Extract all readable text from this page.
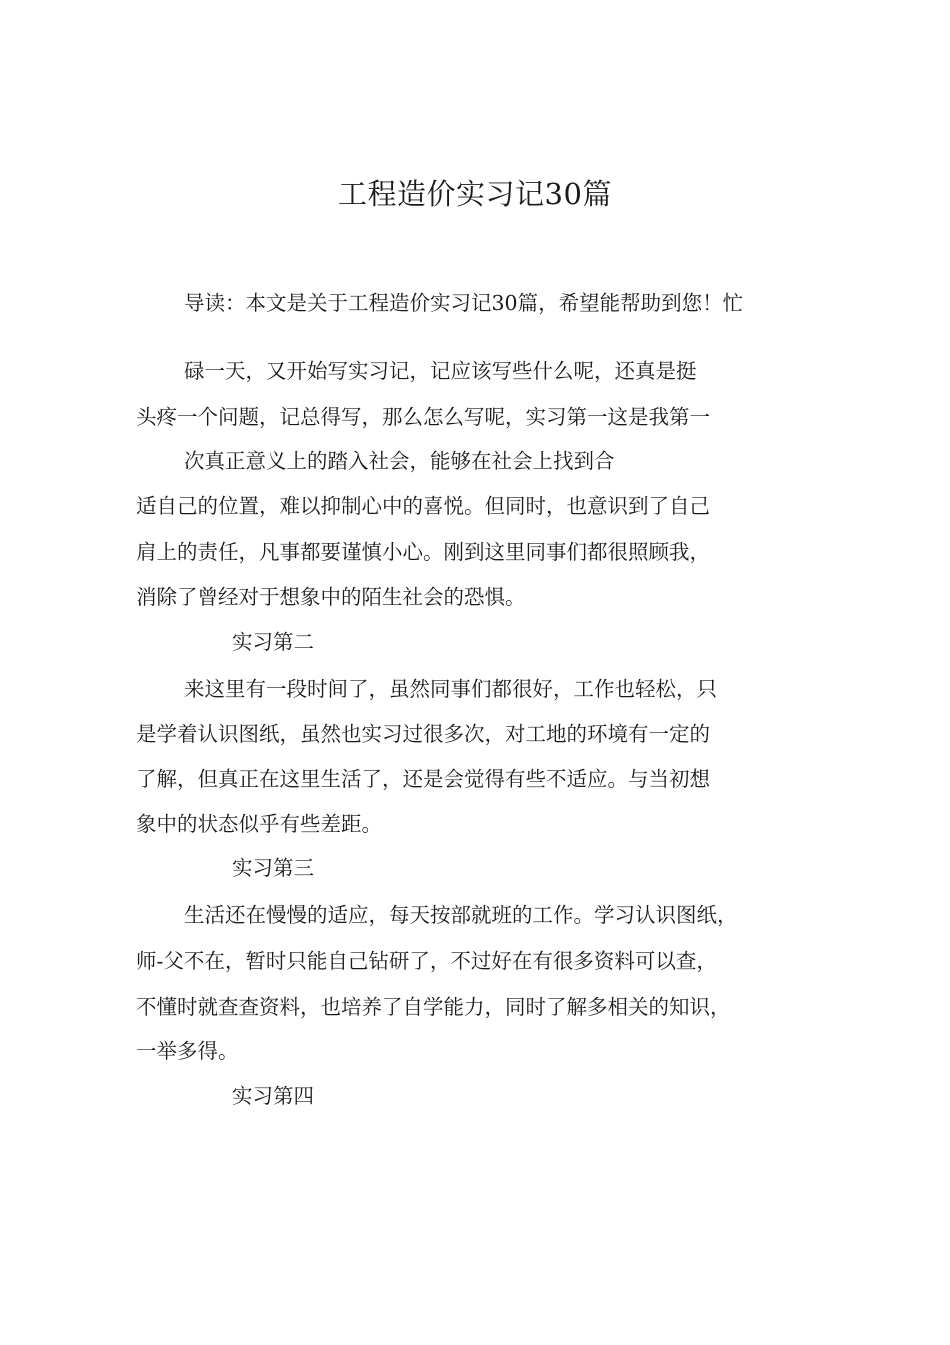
工程造价实习记30篇
导读：本文是关于工程造价实习记30篇，希望能帮助到您！忙
碌一天，又开始写实习记，记应该写些什么呢，还真是挺
头疼一个问题，记总得写，那么怎么写呢，实习第一这是我第一
次真正意义上的踏入社会，能够在社会上找到合
适自己的位置，难以抑制心中的喜悦。但同时，也意识到了自己
肩上的责任，凡事都要谨慎小心。刚到这里同事们都很照顾我，
消除了曾经对于想象中的陌生社会的恐惧。
实习第二
来这里有一段时间了，虽然同事们都很好，工作也轻松，只
是学着认识图纸，虽然也实习过很多次，对工地的环境有一定的
了解，但真正在这里生活了，还是会觉得有些不适应。与当初想
象中的状态似乎有些差距。
实习第三
生活还在慢慢的适应，每天按部就班的工作。学习认识图纸，
师-父不在，暂时只能自己钻研了，不过好在有很多资料可以查，
不懂时就查查资料，也培养了自学能力，同时了解多相关的知识，
一举多得。
实习第四
